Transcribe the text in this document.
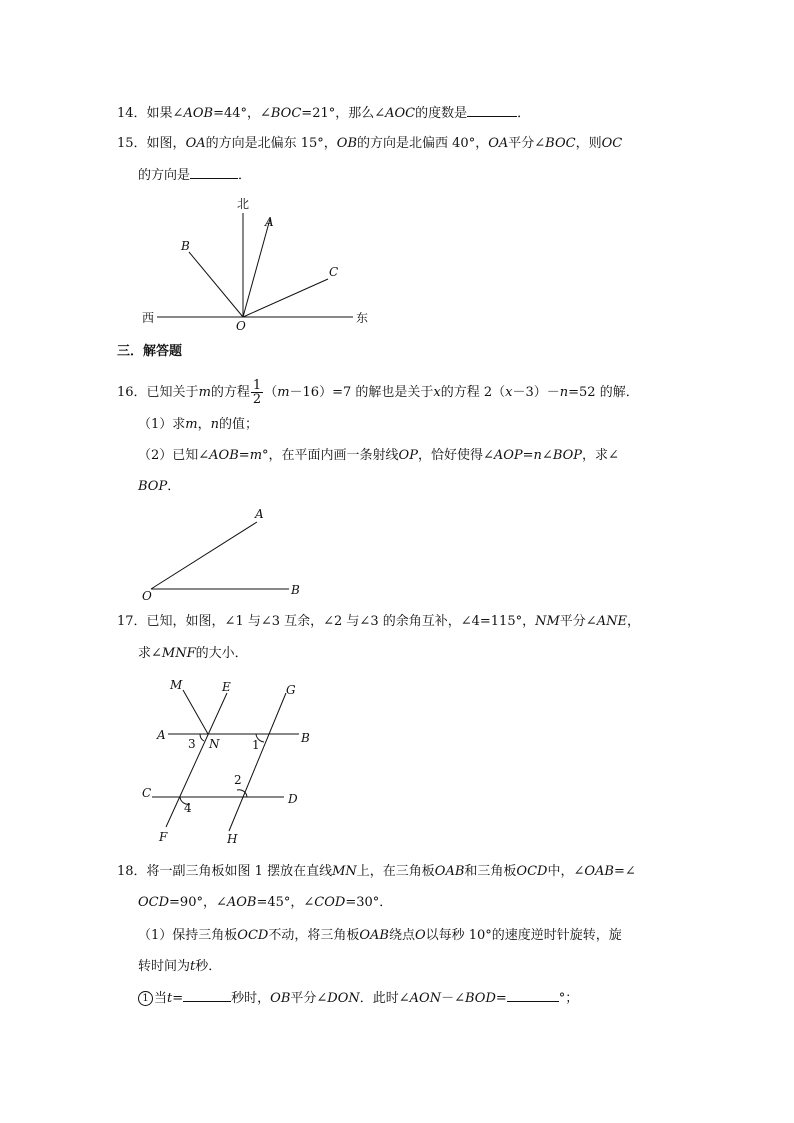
14．如果∠AOB=44°，∠BOC=21°，那么∠AOC的度数是	．
15．如图，OA的方向是北偏东 15°，OB的方向是北偏西 40°，OA平分∠BOC，则OC
的方向是	．
北
西	东
A
B
C
O
三．解答题
16．已知关于m的方程 $\frac{1}{2} (m-16)=7$ 的解也是关于x的方程 2（x－3）－n=52 的解．
（1）求m，n的值；
（2）已知∠AOB=m°，在平面内画一条射线OP，恰好使得∠AOP=n∠BOP，求∠
BOP．
A
O	B
17．已知，如图，∠1 与∠3 互余，∠2 与∠3 的余角互补，∠4=115°，NM平分∠ANE，
求∠MNF的大小．
M	E	G
A	B
N
C	D
F	H
3	1
2
4
18．将一副三角板如图 1 摆放在直线MN上，在三角板OAB和三角板OCD中，∠OAB=∠
OCD=90°，∠AOB=45°，∠COD=30°．
（1）保持三角板OCD不动，将三角板OAB绕点O以每秒 10°的速度逆时针旋转，旋
转时间为t秒．
1 当t=	秒时，OB平分∠DON．此时∠AON－∠BOD=	°；
